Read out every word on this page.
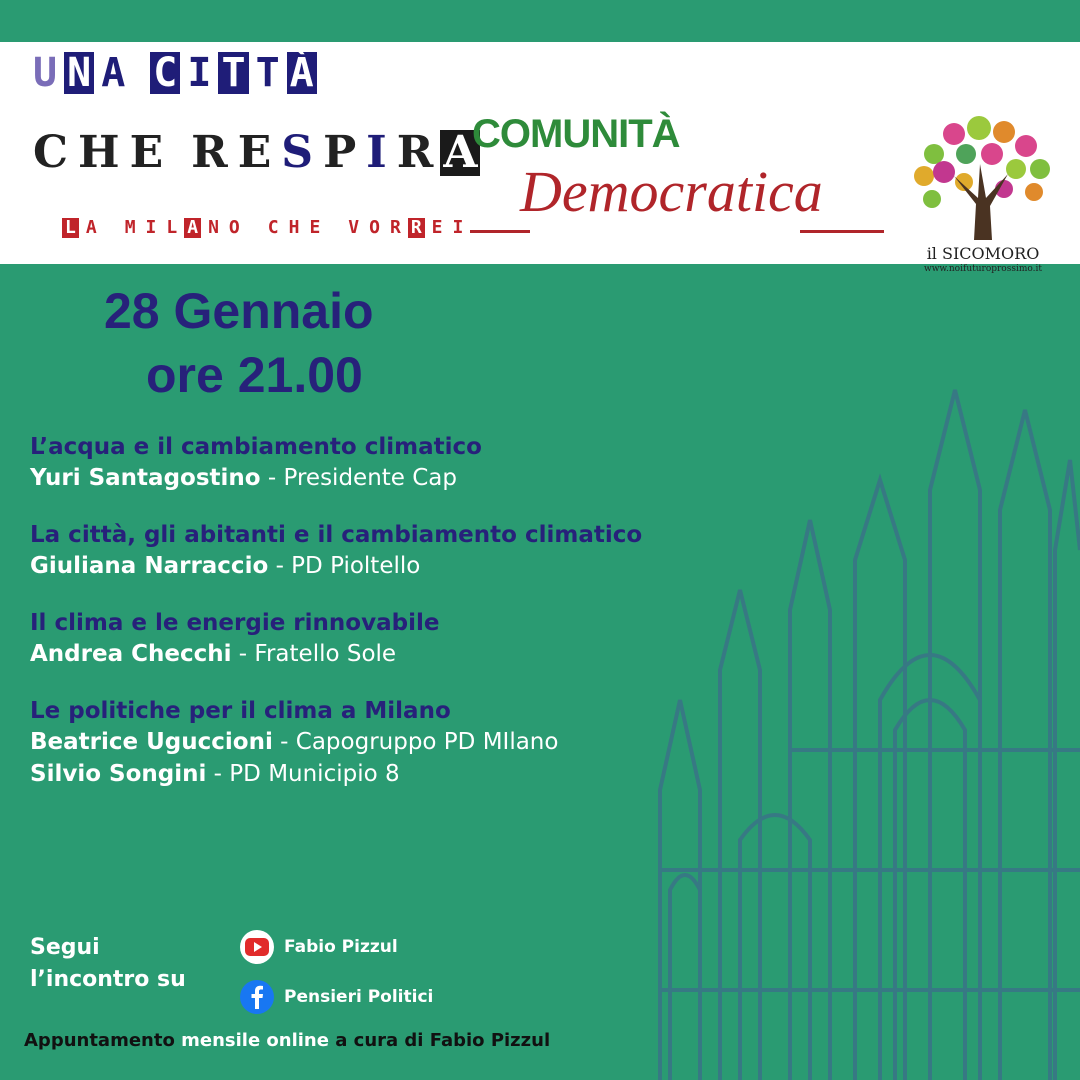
U N A C I T T À
C H E R E S P I R A
L A M I L A N O C H E V O R R E I
COMUNITÀ
Democratica
il SICOMORO
www.noifuturoprossimo.it
28 Gennaio
ore 21.00
L’acqua e il cambiamento climatico
Yuri Santagostino - Presidente Cap
La città, gli abitanti e il cambiamento climatico
Giuliana Narraccio - PD Pioltello
Il clima e le energie rinnovabile
Andrea Checchi - Fratello Sole
Le politiche per il clima a Milano
Beatrice Uguccioni - Capogruppo PD MIlano
Silvio Songini - PD Municipio 8
Segui
l’incontro su
Fabio Pizzul
Pensieri Politici
Appuntamento mensile online a cura di Fabio Pizzul
